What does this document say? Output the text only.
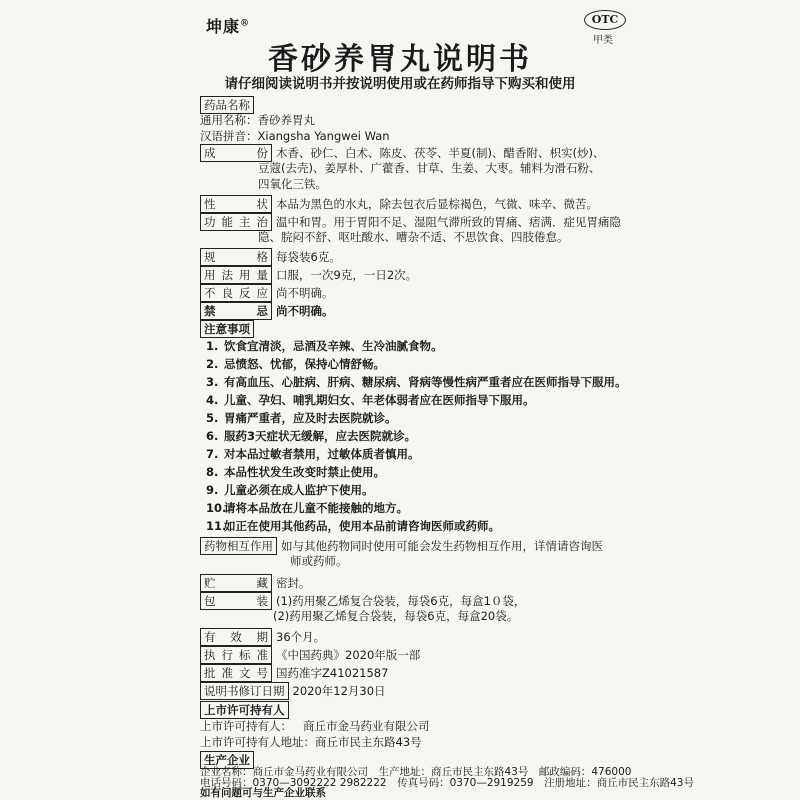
坤康®	OTC
甲类
香砂养胃丸说明书
请仔细阅读说明书并按说明使用或在药师指导下购买和使用
药品名称
通用名称：香砂养胃丸
汉语拼音：Xiangsha Yangwei Wan
成　　份 木香、砂仁、白术、陈皮、茯苓、半夏(制)、醋香附、枳实(炒)、
豆蔻(去壳)、姜厚朴、广藿香、甘草、生姜、大枣。辅料为滑石粉、
四氧化三铁。
性　　状 本品为黑色的水丸，除去包衣后显棕褐色，气微、味辛、微苦。
功能主治 温中和胃。用于胃阳不足、湿阻气滞所致的胃痛、痞满．症见胃痛隐
隐、脘闷不舒、呕吐酸水、嘈杂不适、不思饮食、四肢倦怠。
规　　格 每袋装6克。
用法用量 口服，一次9克，一日2次。
不良反应 尚不明确。
禁　　忌 尚不明确。
注意事项
1. 饮食宜清淡，忌酒及辛辣、生冷油腻食物。
2. 忌愤怒、忧郁，保持心情舒畅。
3. 有高血压、心脏病、肝病、糖尿病、肾病等慢性病严重者应在医师指导下服用。
4. 儿童、孕妇、哺乳期妇女、年老体弱者应在医师指导下服用。
5. 胃痛严重者，应及时去医院就诊。
6. 服药3天症状无缓解，应去医院就诊。
7. 对本品过敏者禁用，过敏体质者慎用。
8. 本品性状发生改变时禁止使用。
9. 儿童必须在成人监护下使用。
10.请将本品放在儿童不能接触的地方。
11.如正在使用其他药品，使用本品前请咨询医师或药师。
药物相互作用 如与其他药物同时使用可能会发生药物相互作用，详情请咨询医
师或药师。
贮　　藏 密封。
包　　装 (1)药用聚乙烯复合袋装，每袋6克，每盒1０袋，
(2)药用聚乙烯复合袋装，每袋6克，每盒20袋。
有 效 期 36个月。
执行标准 《中国药典》2020年版一部
批准文号 国药准字Z41021587
说明书修订日期 2020年12月30日
上市许可持有人
上市许可持有人： 商丘市金马药业有限公司
上市许可持有人地址：商丘市民主东路43号
生产企业
企业名称：商丘市金马药业有限公司　 生产地址：商丘市民主东路43号　 邮政编码：476000
电话号码：0370—3092222 2982222　 传真号码：0370—2919259　 注册地址：商丘市民主东路43号
如有问题可与生产企业联系
